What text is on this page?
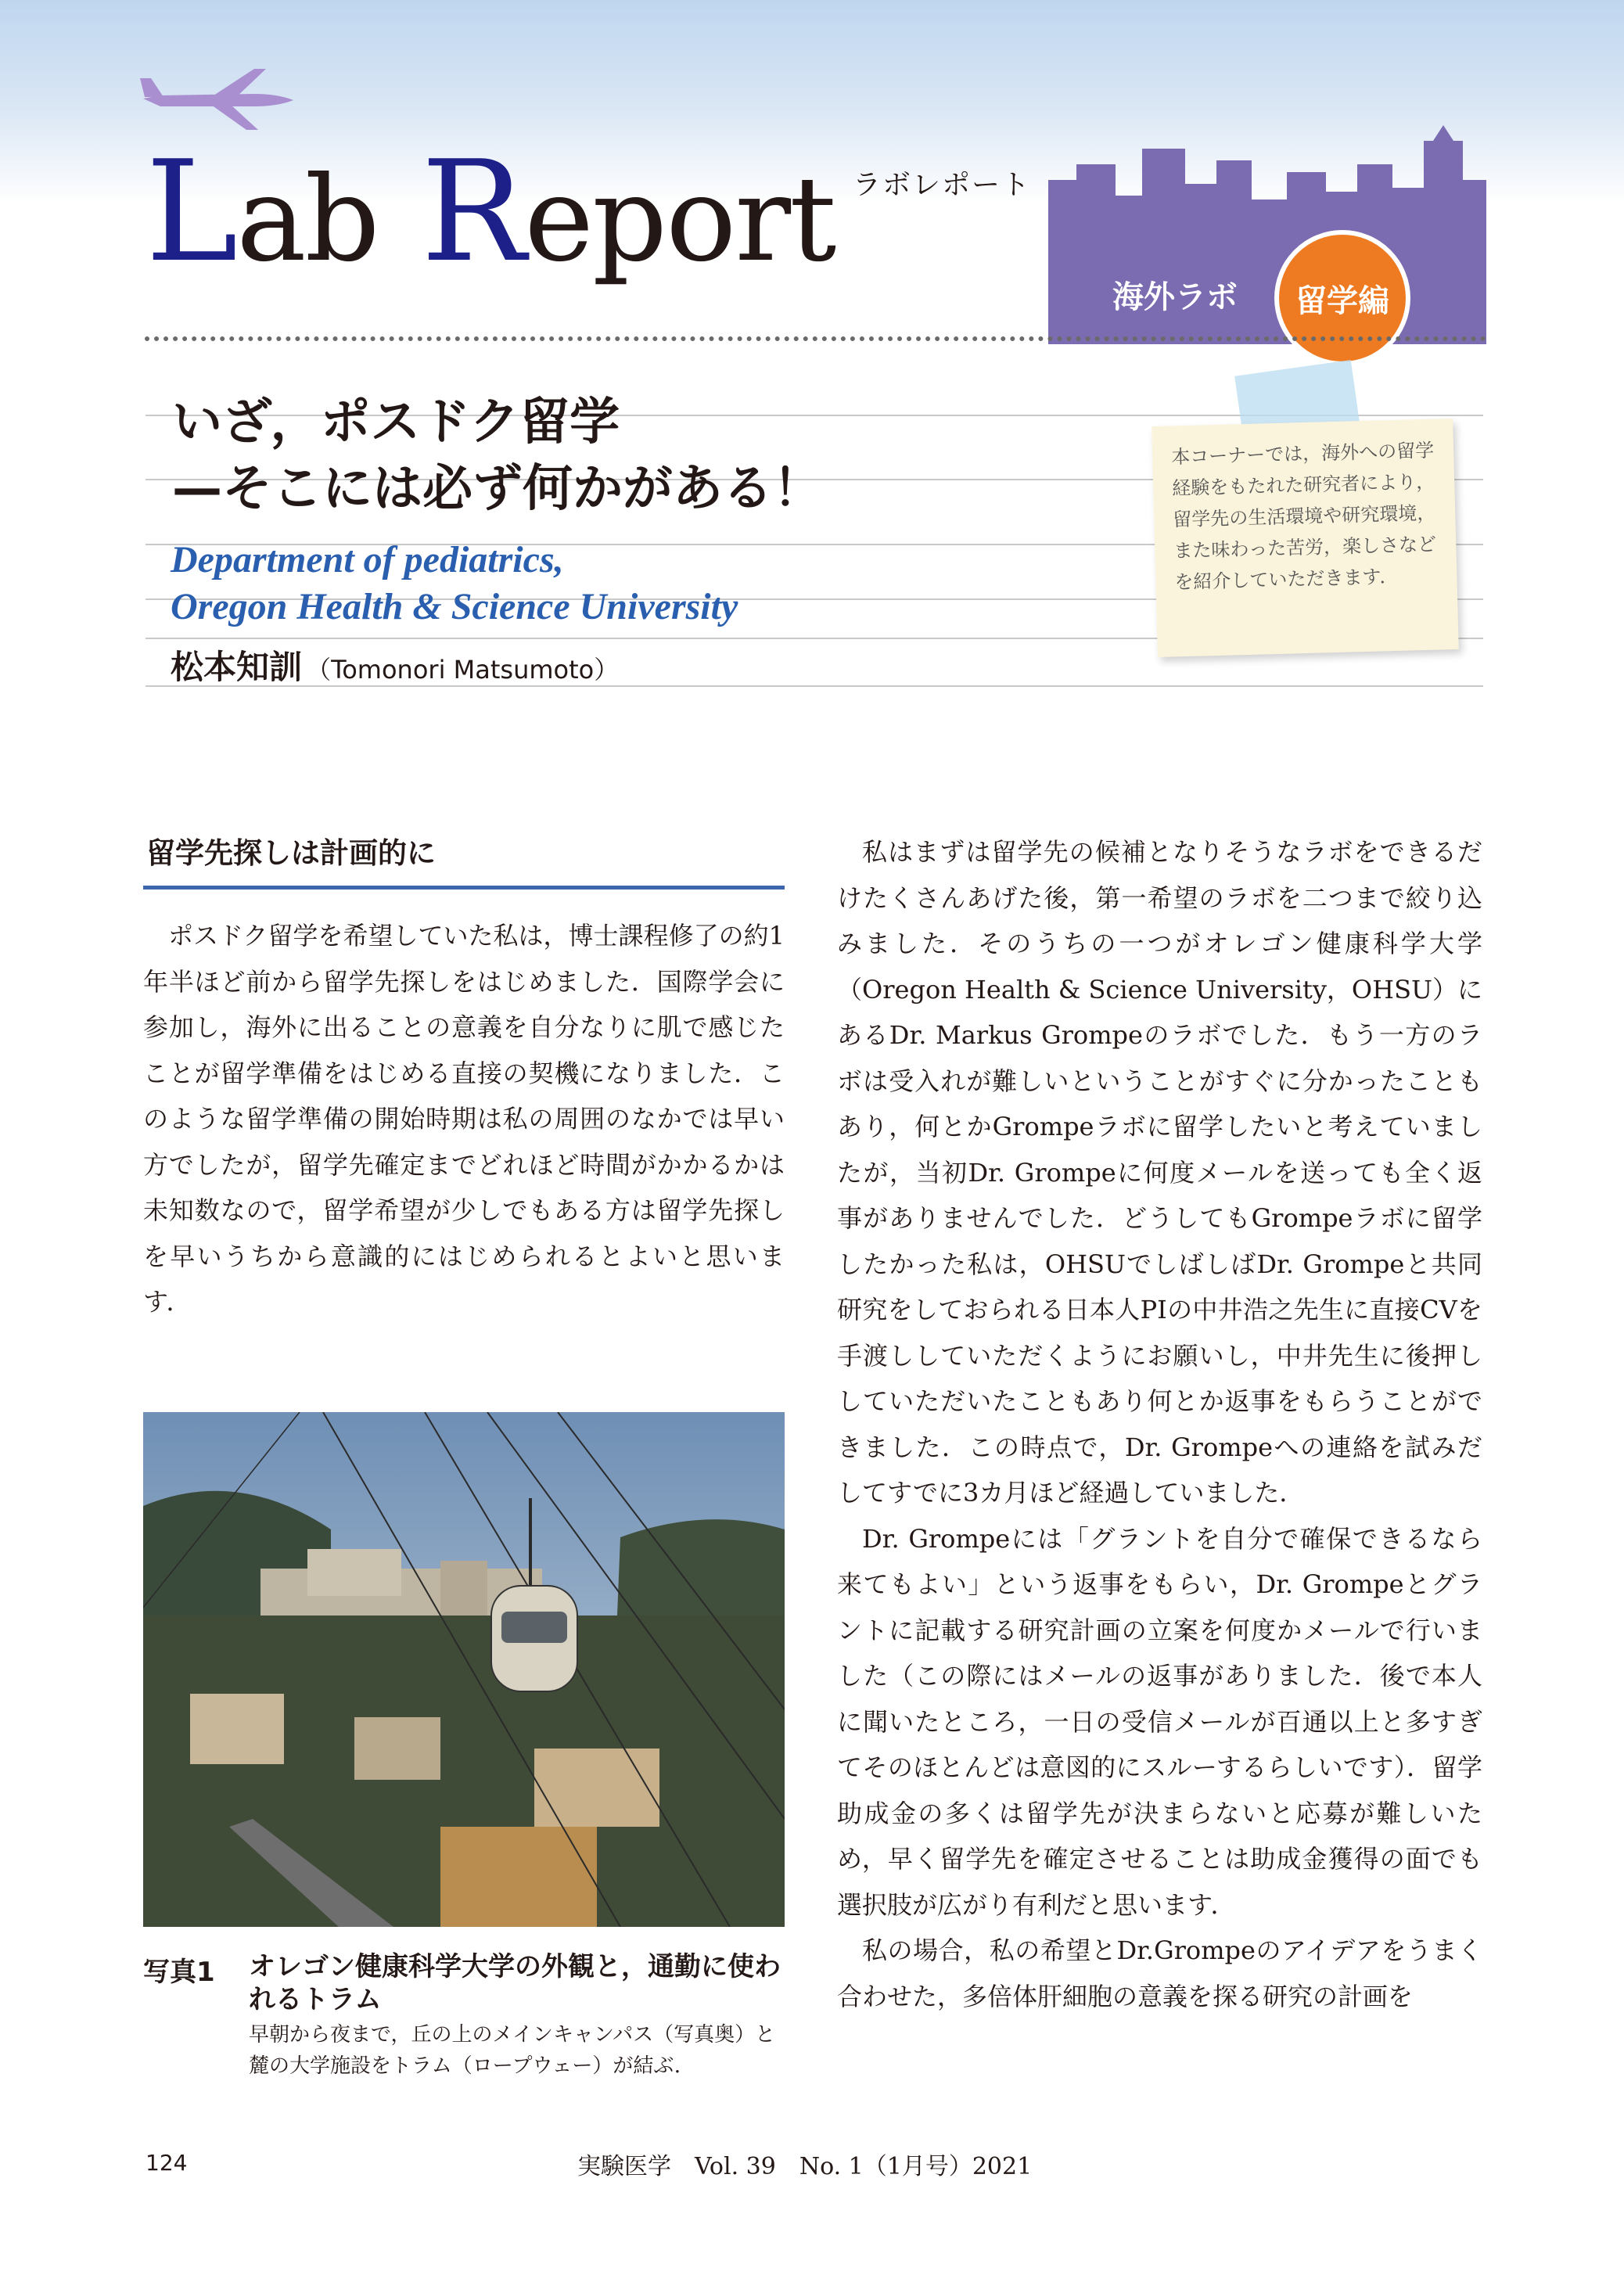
Lab Report ラボレポート
海外ラボ	留学編
いざ，ポスドク留学
—そこには必ず何かがある！
Department of pediatrics,
Oregon Health & Science University
松本知訓 （Tomonori Matsumoto）
本コーナーでは，海外への留学経験をもたれた研究者により，留学先の生活環境や研究環境，また味わった苦労，楽しさなどを紹介していただきます．
留学先探しは計画的に

ポスドク留学を希望していた私は，博士課程修了の約1年半ほど前から留学先探しをはじめました．国際学会に参加し，海外に出ることの意義を自分なりに肌で感じたことが留学準備をはじめる直接の契機になりました．このような留学準備の開始時期は私の周囲のなかでは早い方でしたが，留学先確定までどれほど時間がかかるかは未知数なので，留学希望が少しでもある方は留学先探しを早いうちから意識的にはじめられるとよいと思います．

写真1	オレゴン健康科学大学の外観と，通勤に使われるトラム
早朝から夜まで，丘の上のメインキャンパス（写真奥）と麓の大学施設をトラム（ロープウェー）が結ぶ．

私はまずは留学先の候補となりそうなラボをできるだけたくさんあげた後，第一希望のラボを二つまで絞り込みました．そのうちの一つがオレゴン健康科学大学（Oregon Health & Science University，OHSU）にあるDr. Markus Grompeのラボでした．もう一方のラボは受入れが難しいということがすぐに分かったこともあり，何とかGrompeラボに留学したいと考えていましたが，当初Dr. Grompeに何度メールを送っても全く返事がありませんでした．どうしてもGrompeラボに留学したかった私は，OHSUでしばしばDr. Grompeと共同研究をしておられる日本人PIの中井浩之先生に直接CVを手渡ししていただくようにお願いし，中井先生に後押ししていただいたこともあり何とか返事をもらうことができました．この時点で，Dr. Grompeへの連絡を試みだしてすでに3カ月ほど経過していました．

Dr. Grompeには「グラントを自分で確保できるなら来てもよい」という返事をもらい，Dr. Grompeとグラントに記載する研究計画の立案を何度かメールで行いました（この際にはメールの返事がありました．後で本人に聞いたところ，一日の受信メールが百通以上と多すぎてそのほとんどは意図的にスルーするらしいです）．留学助成金の多くは留学先が決まらないと応募が難しいため，早く留学先を確定させることは助成金獲得の面でも選択肢が広がり有利だと思います．

私の場合，私の希望とDr.Grompeのアイデアをうまく合わせた，多倍体肝細胞の意義を探る研究の計画を

124	実験医学　Vol. 39　No. 1（1月号）2021
